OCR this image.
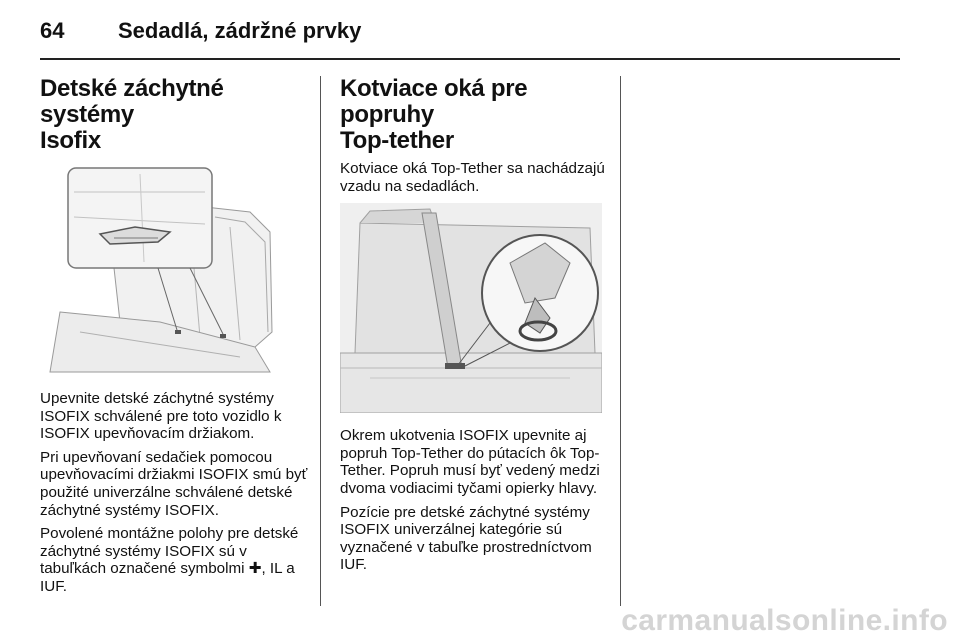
64 Sedadlá, zádržné prvky
Detské záchytné systémy
Isofix

Upevnite detské záchytné systémy ISOFIX schválené pre toto vozidlo k ISOFIX upevňovacím držiakom.

Pri upevňovaní sedačiek pomocou upevňovacími držiakmi ISOFIX smú byť použité univerzálne schválené detské záchytné systémy ISOFIX.

Povolené montážne polohy pre detské záchytné systémy ISOFIX sú v tabuľkách označené symbolmi ✚, IL a IUF.

Kotviace oká pre popruhy
Top-tether

Kotviace oká Top-Tether sa nachádzajú vzadu na sedadlách.

Okrem ukotvenia ISOFIX upevnite aj popruh Top-Tether do pútacích ôk Top-Tether. Popruh musí byť vedený medzi dvoma vodiacimi tyčami opierky hlavy.

Pozície pre detské záchytné systémy ISOFIX univerzálnej kategórie sú vyznačené v tabuľke prostredníctvom IUF.

carmanualsonline.info
